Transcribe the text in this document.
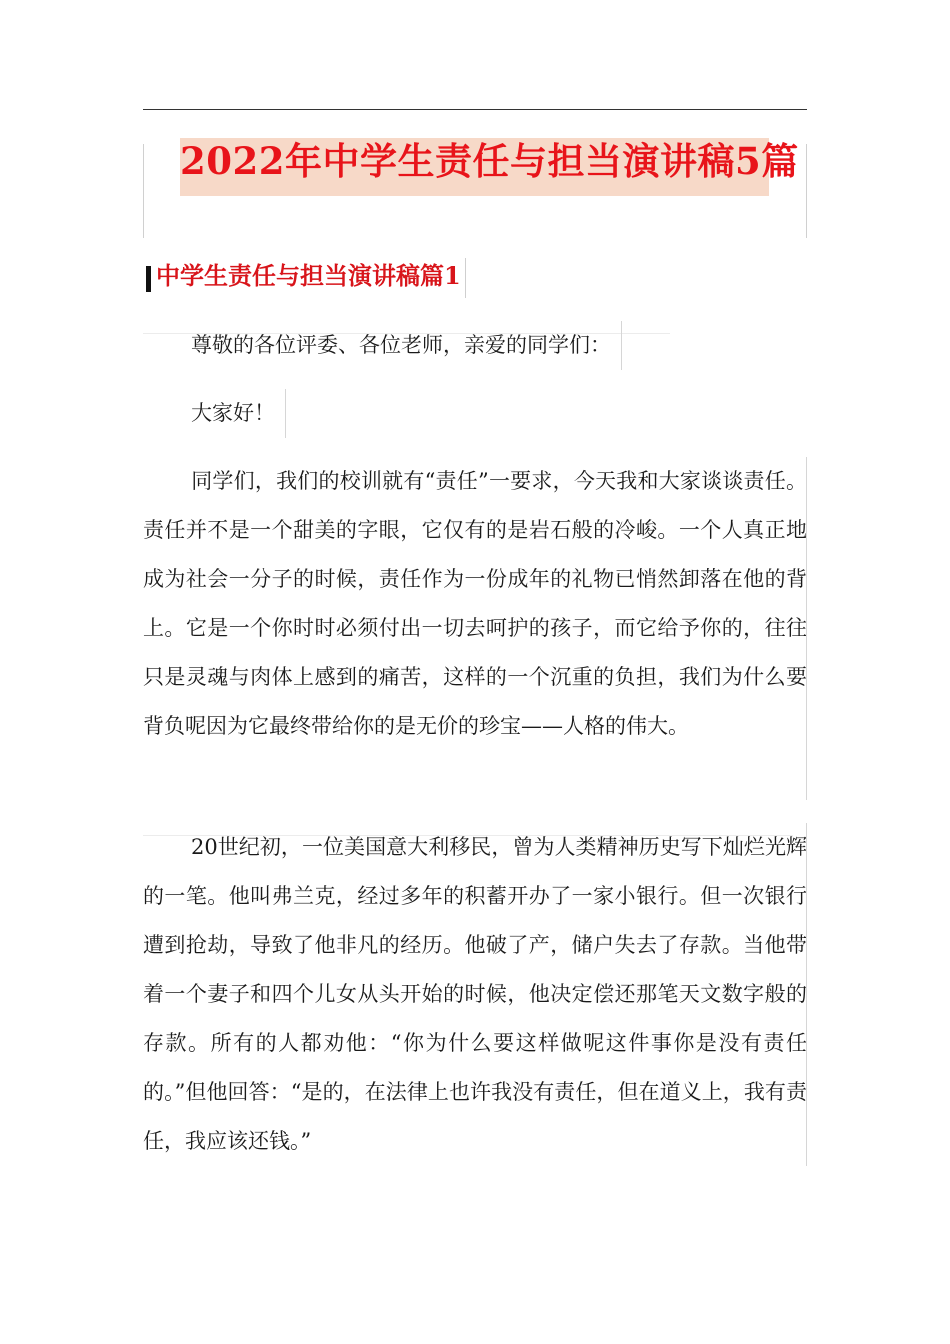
2022年中学生责任与担当演讲稿5篇
中学生责任与担当演讲稿篇1
尊敬的各位评委、各位老师，亲爱的同学们：
大家好！
同学们，我们的校训就有“责任”一要求，今天我和大家谈谈责任。责任并不是一个甜美的字眼，它仅有的是岩石般的冷峻。一个人真正地成为社会一分子的时候，责任作为一份成年的礼物已悄然卸落在他的背上。它是一个你时时必须付出一切去呵护的孩子，而它给予你的，往往只是灵魂与肉体上感到的痛苦，这样的一个沉重的负担，我们为什么要背负呢因为它最终带给你的是无价的珍宝——人格的伟大。
20世纪初，一位美国意大利移民，曾为人类精神历史写下灿烂光辉的一笔。他叫弗兰克，经过多年的积蓄开办了一家小银行。但一次银行遭到抢劫，导致了他非凡的经历。他破了产，储户失去了存款。当他带着一个妻子和四个儿女从头开始的时候，他决定偿还那笔天文数字般的存款。所有的人都劝他：“你为什么要这样做呢这件事你是没有责任的。”但他回答：“是的，在法律上也许我没有责任，但在道义上，我有责任，我应该还钱。”
